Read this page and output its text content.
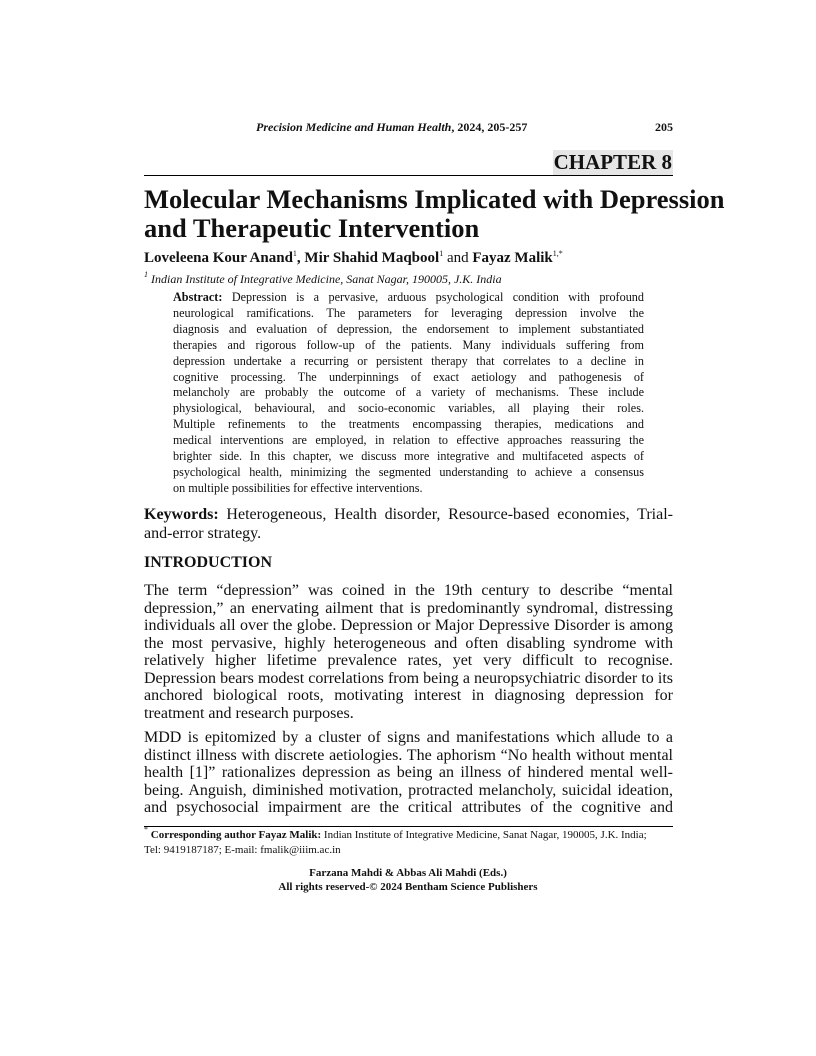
Precision Medicine and Human Health, 2024, 205-257	205
CHAPTER 8
Molecular Mechanisms Implicated with Depression
and Therapeutic Intervention
Loveleena Kour Anand$^1$, Mir Shahid Maqbool$^1$ and Fayaz Malik$^{1,*}$
$^1$ Indian Institute of Integrative Medicine, Sanat Nagar, 190005, J.K. India
Abstract: Depression is a pervasive, arduous psychological condition with profound
neurological ramifications. The parameters for leveraging depression involve the
diagnosis and evaluation of depression, the endorsement to implement substantiated
therapies and rigorous follow-up of the patients. Many individuals suffering from
depression undertake a recurring or persistent therapy that correlates to a decline in
cognitive processing. The underpinnings of exact aetiology and pathogenesis of
melancholy are probably the outcome of a variety of mechanisms. These include
physiological, behavioural, and socio-economic variables, all playing their roles.
Multiple refinements to the treatments encompassing therapies, medications and
medical interventions are employed, in relation to effective approaches reassuring the
brighter side. In this chapter, we discuss more integrative and multifaceted aspects of
psychological health, minimizing the segmented understanding to achieve a consensus
on multiple possibilities for effective interventions.
Keywords: Heterogeneous, Health disorder, Resource-based economies, Trial-
and-error strategy.
INTRODUCTION
The term “depression” was coined in the 19th century to describe “mental
depression,” an enervating ailment that is predominantly syndromal, distressing
individuals all over the globe. Depression or Major Depressive Disorder is among
the most pervasive, highly heterogeneous and often disabling syndrome with
relatively higher lifetime prevalence rates, yet very difficult to recognise.
Depression bears modest correlations from being a neuropsychiatric disorder to its
anchored biological roots, motivating interest in diagnosing depression for
treatment and research purposes.
MDD is epitomized by a cluster of signs and manifestations which allude to a
distinct illness with discrete aetiologies. The aphorism “No health without mental
health [1]” rationalizes depression as being an illness of hindered mental well-
being. Anguish, diminished motivation, protracted melancholy, suicidal ideation,
and psychosocial impairment are the critical attributes of the cognitive and
* Corresponding author Fayaz Malik: Indian Institute of Integrative Medicine, Sanat Nagar, 190005, J.K. India;
Tel: 9419187187; E-mail: fmalik@iiim.ac.in
Farzana Mahdi & Abbas Ali Mahdi (Eds.)
All rights reserved-© 2024 Bentham Science Publishers
